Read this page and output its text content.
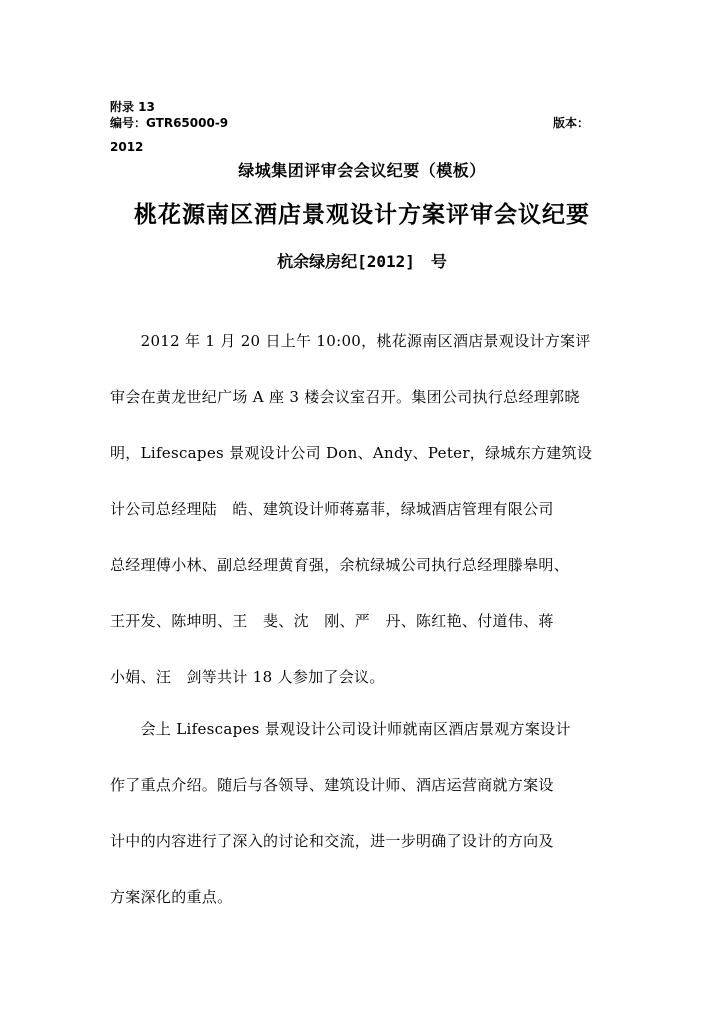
附录 13
编号：GTR65000-9	版本：
2012
绿城集团评审会会议纪要（模板）
桃花源南区酒店景观设计方案评审会议纪要
杭余绿房纪[2012]　号
　　2012 年 1 月 20 日上午 10:00，桃花源南区酒店景观设计方案评
审会在黄龙世纪广场 A 座 3 楼会议室召开。集团公司执行总经理郭晓
明，Lifescapes 景观设计公司 Don、Andy、Peter，绿城东方建筑设
计公司总经理陆　皓、建筑设计师蒋嘉菲，绿城酒店管理有限公司
总经理傅小林、副总经理黄育强，余杭绿城公司执行总经理滕皋明、
王开发、陈坤明、王　斐、沈　刚、严　丹、陈红艳、付道伟、蒋
小娟、汪　剑等共计 18 人参加了会议。
　　会上 Lifescapes 景观设计公司设计师就南区酒店景观方案设计
作了重点介绍。随后与各领导、建筑设计师、酒店运营商就方案设
计中的内容进行了深入的讨论和交流，进一步明确了设计的方向及
方案深化的重点。
